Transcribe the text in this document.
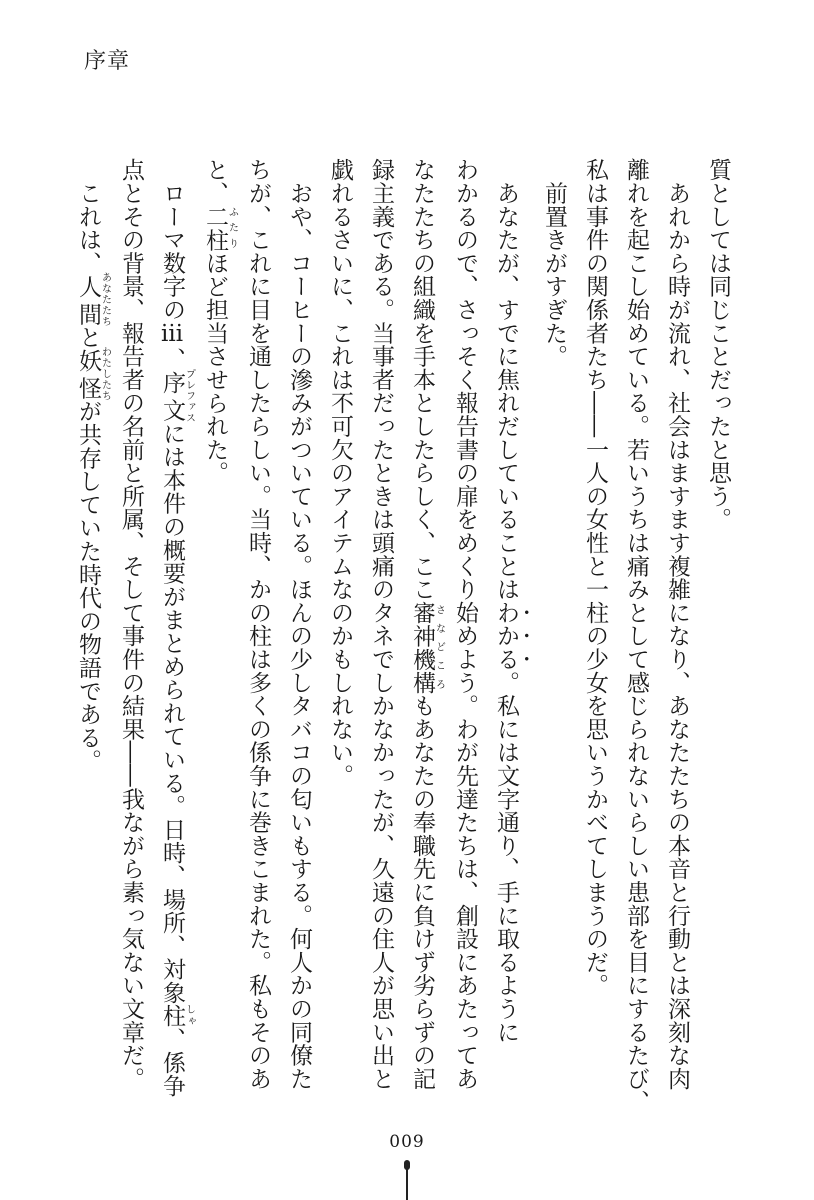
序章
質としては同じことだったと思う。
　あれから時が流れ、社会はますます複雑になり、あなたたちの本音と行動とは深刻な肉
離れを起こし始めている。若いうちは痛みとして感じられないらしい患部を目にするたび、
私は事件の関係者たち――一人の女性と一柱の少女を思いうかべてしまうのだ。
　前置きがすぎた。
　あなたが、すでに焦れだしていることはわかる。私には文字通り、手に取るように
わかるので、さっそく報告書の扉をめくり始めよう。わが先達たちは、創設にあたってあ
なたたちの組織を手本としたらしく、ここ審神機構さなどころもあなたの奉職先に負けず劣らずの記
録主義である。当事者だったときは頭痛のタネでしかなかったが、久遠の住人が思い出と
戯れるさいに、これは不可欠のアイテムなのかもしれない。
　おや、コーヒーの滲みがついている。ほんの少しタバコの匂いもする。何人かの同僚た
ちが、これに目を通したらしい。当時、かの柱は多くの係争に巻きこまれた。私もそのあ
と、二柱ふたりほど担当させられた。
　ローマ数字のⅲ、序文プレファスには本件の概要がまとめられている。日時、場所、対象柱しゃ、係争
点とその背景、報告者の名前と所属、そして事件の結果――我ながら素っ気ない文章だ。
　これは、人間あなたたちと妖怪わたしたちが共存していた時代の物語である。
009
